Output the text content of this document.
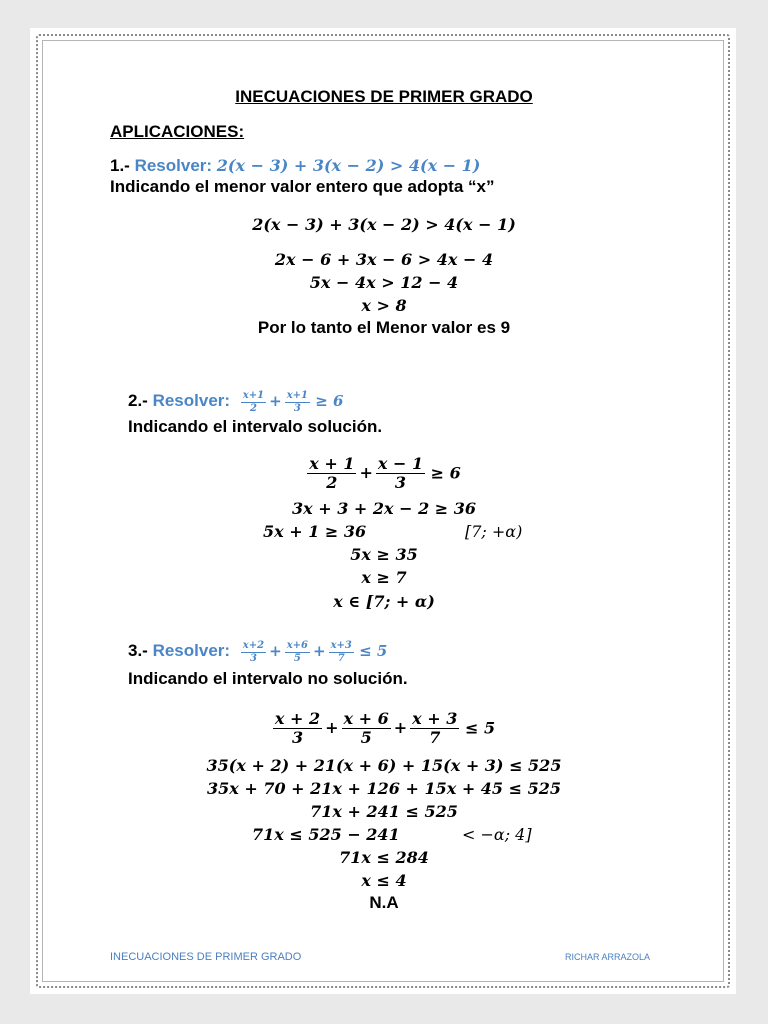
INECUACIONES DE PRIMER GRADO
APLICACIONES:
1.- Resolver: 2(x − 3) + 3(x − 2) > 4(x − 1)
Indicando el menor valor entero que adopta “x”
2(x − 3) + 3(x − 2) > 4(x − 1)
2x − 6 + 3x − 6 > 4x − 4
5x − 4x > 12 − 4
x > 8
Por lo tanto el Menor valor es 9
2.- Resolver: $\frac{x+1}{2} + \frac{x+1}{3} \ge 6$
Indicando el intervalo solución.
$\frac{x + 1}{2} + \frac{x - 1}{3} \ge 6$
3x + 3 + 2x − 2 ≥ 36
5x + 1 ≥ 36	[7; +α)
5x ≥ 35
x ≥ 7
x ∈ [7; + α)
3.- Resolver: $\frac{x+2}{3} + \frac{x+6}{5} + \frac{x+3}{7} \le 5$
Indicando el intervalo no solución.
$\frac{x + 2}{3} + \frac{x + 6}{5} + \frac{x + 3}{7} \le 5$
35(x + 2) + 21(x + 6) + 15(x + 3) ≤ 525
35x + 70 + 21x + 126 + 15x + 45 ≤ 525
71x + 241 ≤ 525
71x ≤ 525 − 241	< −α; 4]
71x ≤ 284
x ≤ 4
N.A
INECUACIONES DE PRIMER GRADO	RICHAR ARRAZOLA
